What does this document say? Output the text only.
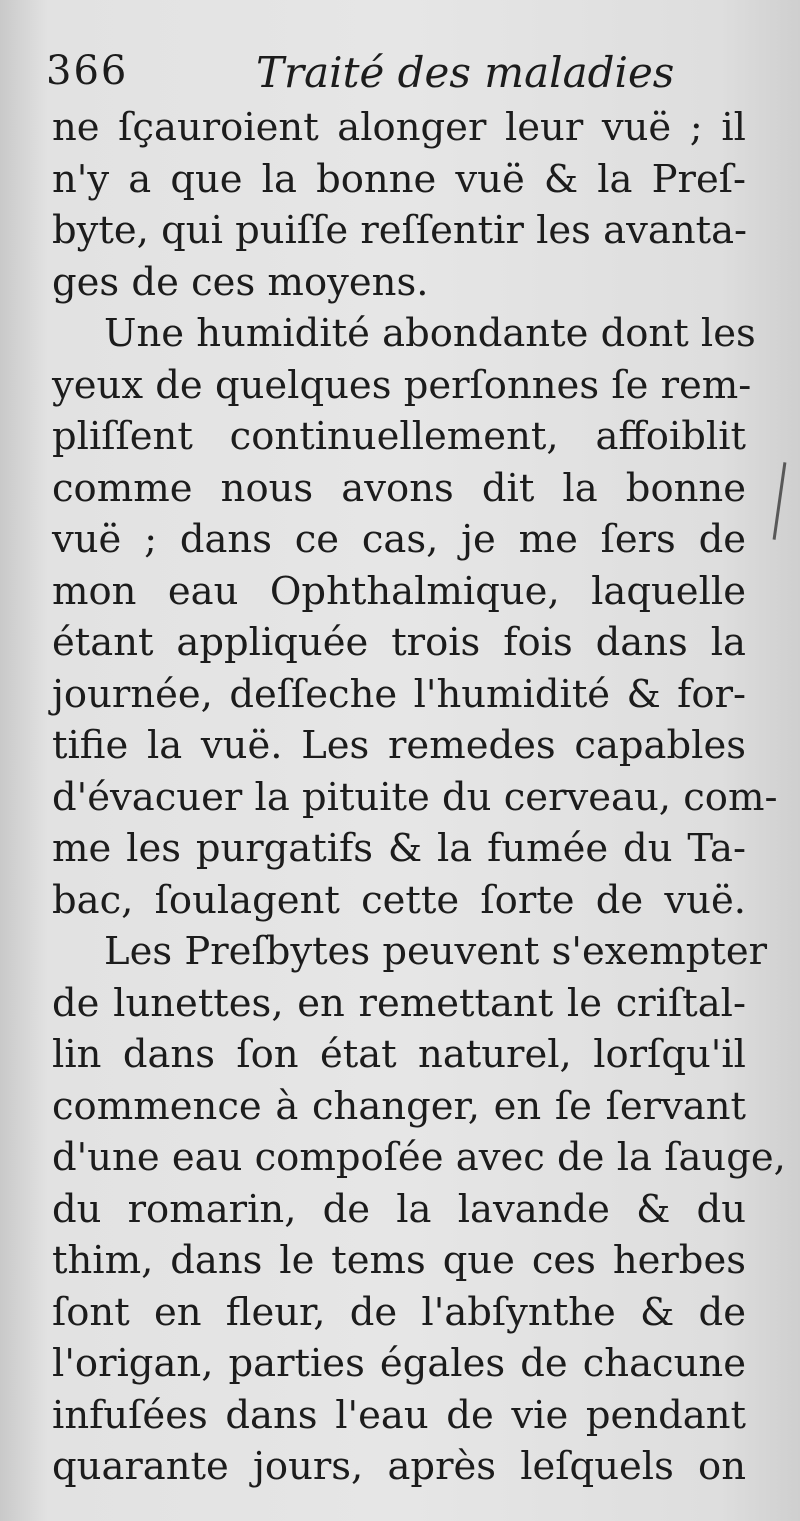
366	Traité des maladies
ne ſçauroient alonger leur vuë ; il
n'y a que la bonne vuë & la Preſ-
byte, qui puiſſe reſſentir les avanta-
ges de ces moyens.
Une humidité abondante dont les
yeux de quelques perſonnes ſe rem-
pliſſent continuellement, affoiblit
comme nous avons dit la bonne
vuë ; dans ce cas, je me ſers de
mon eau Ophthalmique, laquelle
étant appliquée trois fois dans la
journée, deſſeche l'humidité & for-
tifie la vuë. Les remedes capables
d'évacuer la pituite du cerveau, com-
me les purgatifs & la fumée du Ta-
bac, ſoulagent cette ſorte de vuë.
Les Preſbytes peuvent s'exempter
de lunettes, en remettant le criſtal-
lin dans ſon état naturel, lorſqu'il
commence à changer, en ſe ſervant
d'une eau compoſée avec de la ſauge,
du romarin, de la lavande & du
thim, dans le tems que ces herbes
ſont en fleur, de l'abſynthe & de
l'origan, parties égales de chacune
infuſées dans l'eau de vie pendant
quarante jours, après leſquels on
